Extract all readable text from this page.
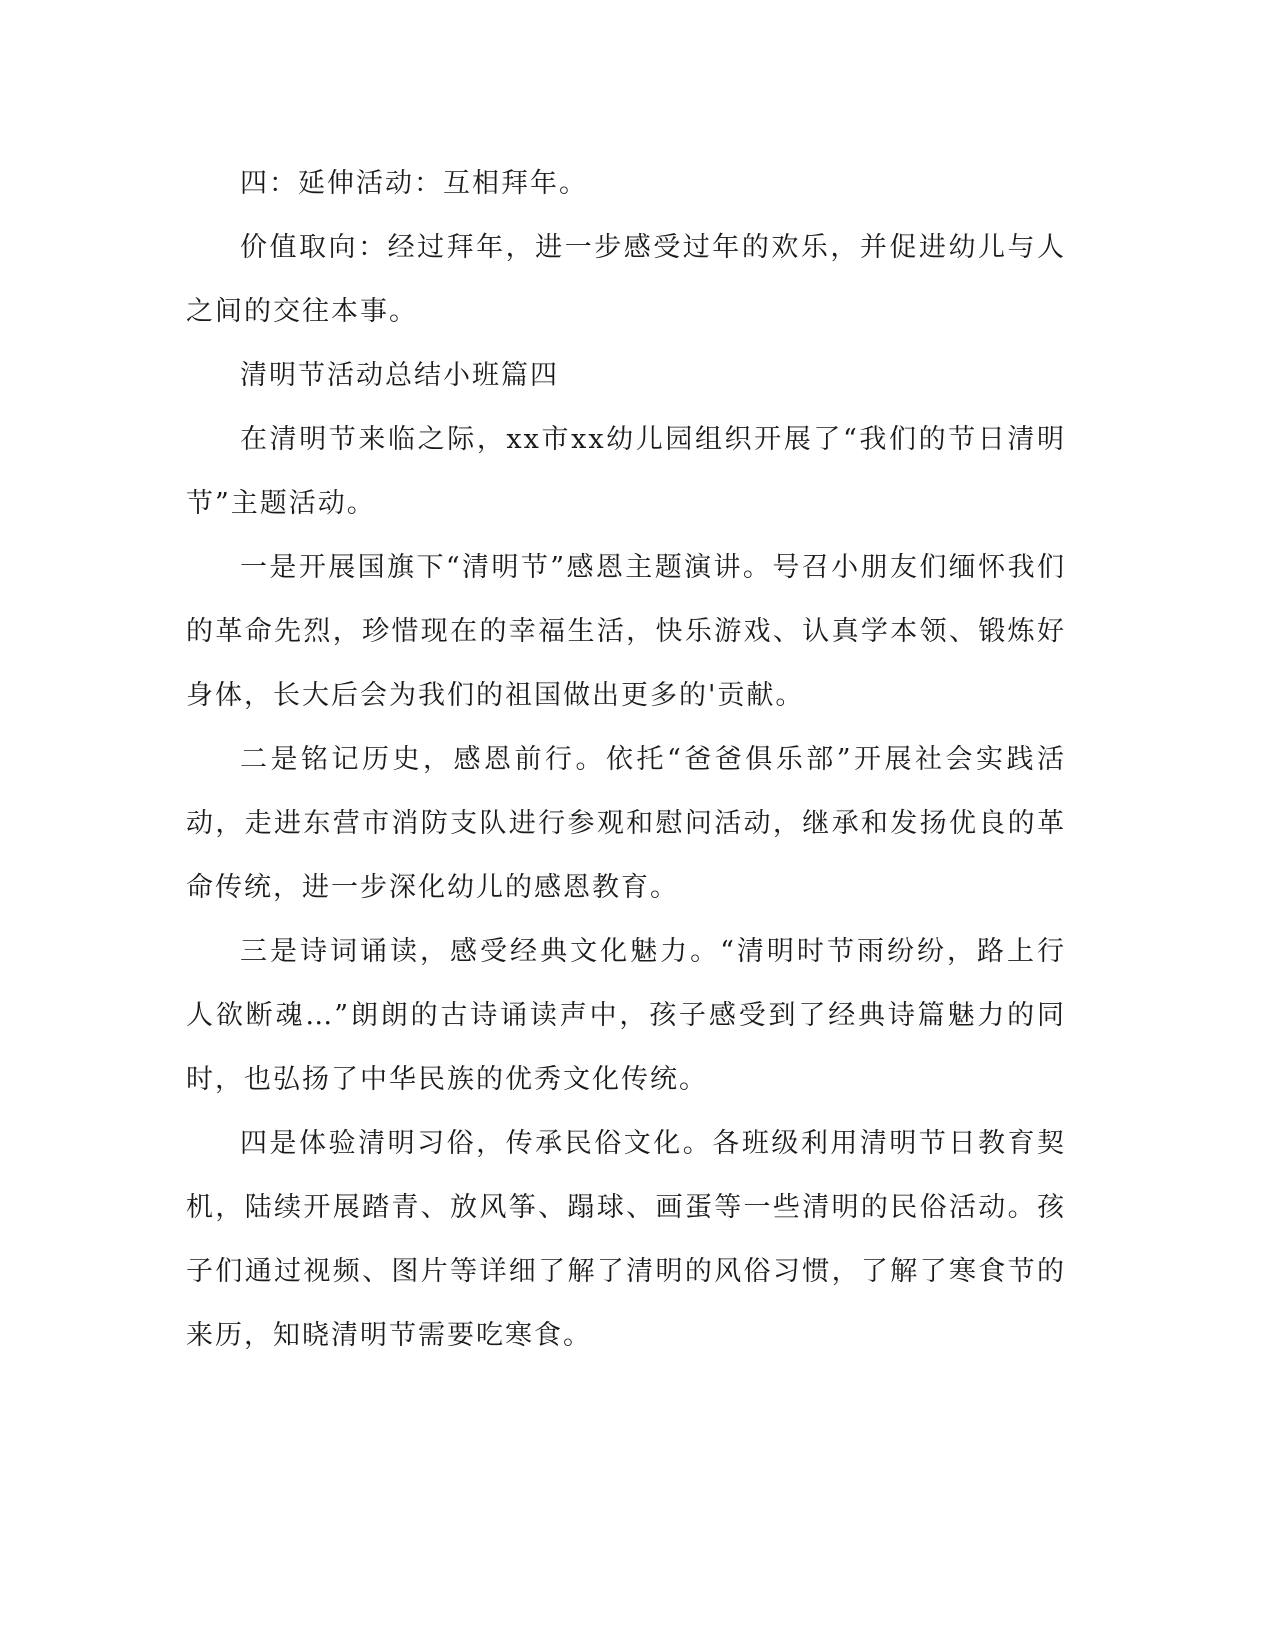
四：延伸活动：互相拜年。

价值取向：经过拜年，进一步感受过年的欢乐，并促进幼儿与人之间的交往本事。

清明节活动总结小班篇四

在清明节来临之际，xx市xx幼儿园组织开展了“我们的节日清明节”主题活动。

一是开展国旗下“清明节”感恩主题演讲。号召小朋友们缅怀我们的革命先烈，珍惜现在的幸福生活，快乐游戏、认真学本领、锻炼好身体，长大后会为我们的祖国做出更多的'贡献。

二是铭记历史，感恩前行。依托“爸爸俱乐部”开展社会实践活动，走进东营市消防支队进行参观和慰问活动，继承和发扬优良的革命传统，进一步深化幼儿的感恩教育。

三是诗词诵读，感受经典文化魅力。“清明时节雨纷纷，路上行人欲断魂…”朗朗的古诗诵读声中，孩子感受到了经典诗篇魅力的同时，也弘扬了中华民族的优秀文化传统。

四是体验清明习俗，传承民俗文化。各班级利用清明节日教育契机，陆续开展踏青、放风筝、蹋球、画蛋等一些清明的民俗活动。孩子们通过视频、图片等详细了解了清明的风俗习惯，了解了寒食节的来历，知晓清明节需要吃寒食。
